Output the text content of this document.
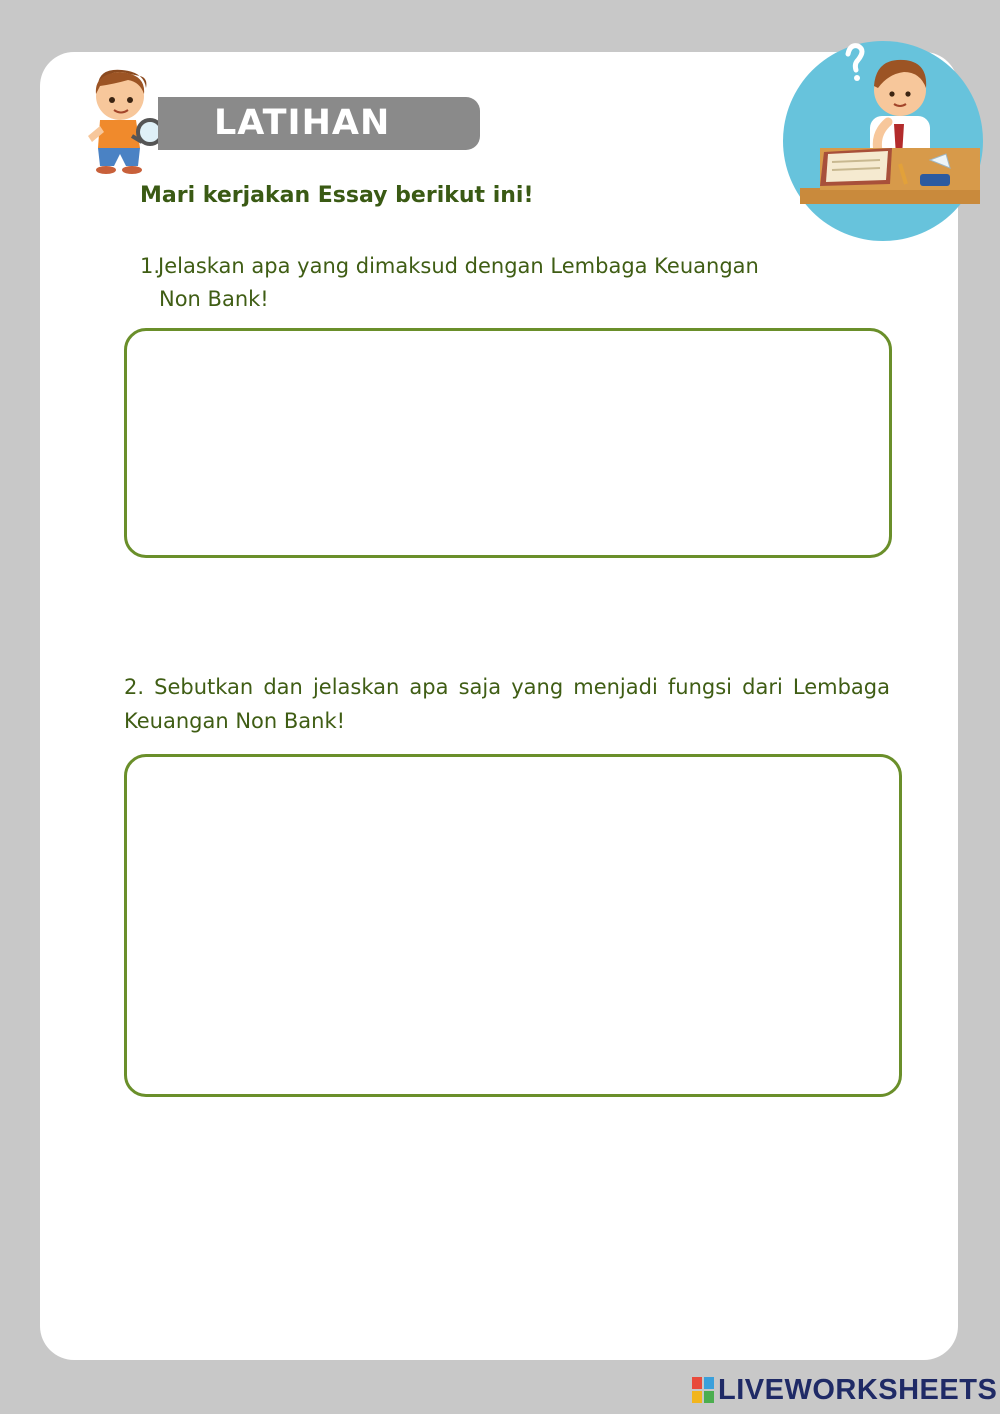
LATIHAN
Mari kerjakan Essay berikut ini!
1.Jelaskan apa yang dimaksud dengan Lembaga Keuangan
Non Bank!
2. Sebutkan dan jelaskan apa saja yang menjadi fungsi dari Lembaga Keuangan Non Bank!
LIVEWORKSHEETS
